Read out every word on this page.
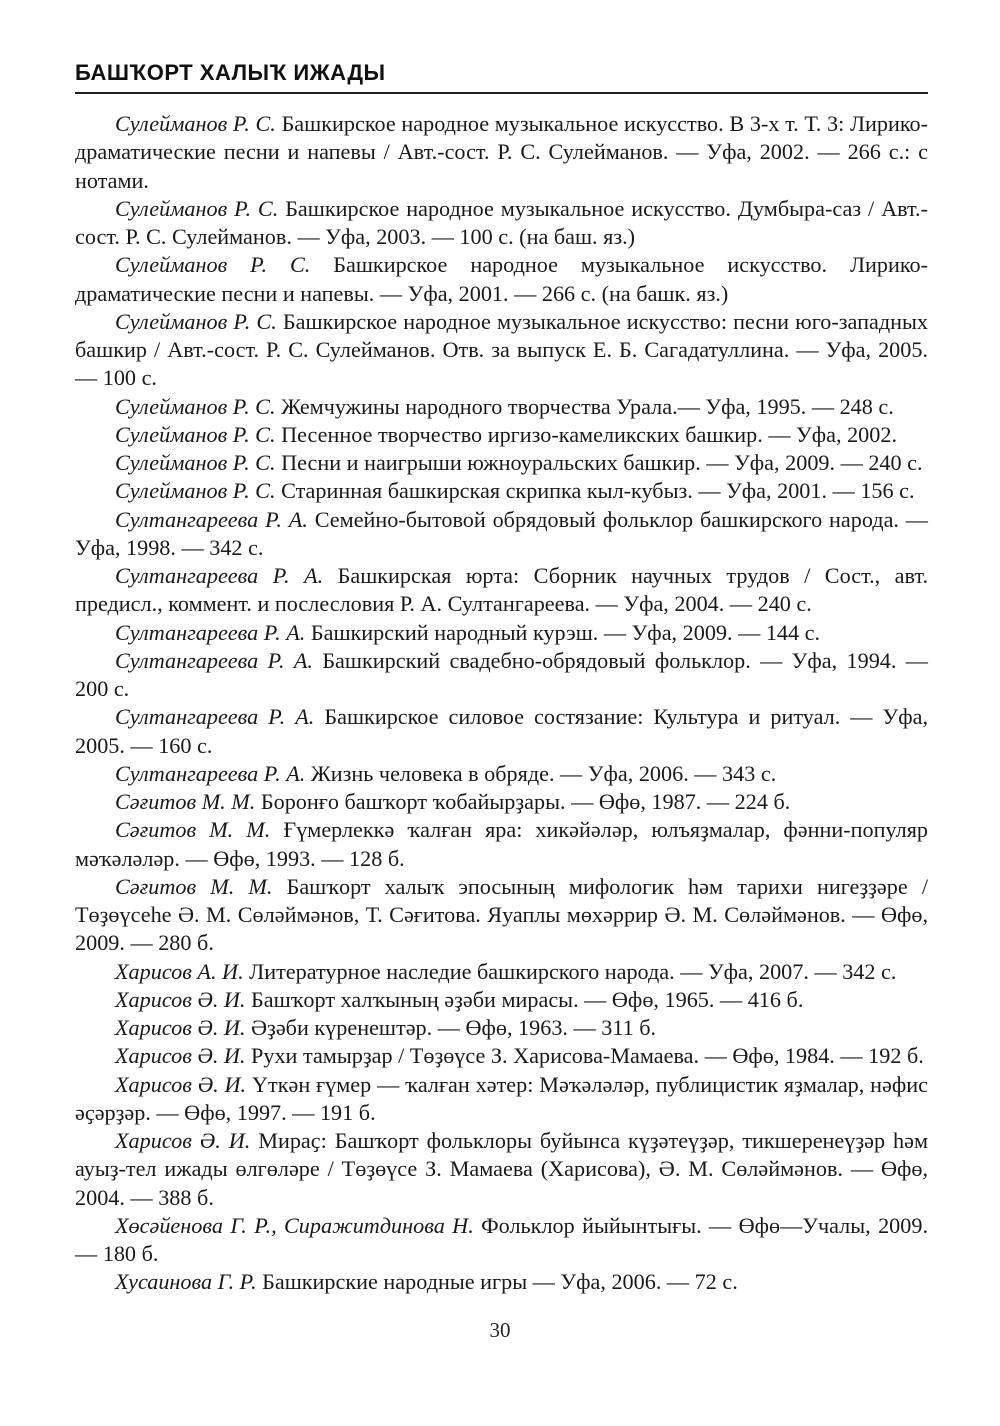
БАШҠОРТ ХАЛЫҠ ИЖАДЫ

Сулейманов Р. С. Башкирское народное музыкальное искусство. В 3-х т. Т. 3: Лирико-драматические песни и напевы / Авт.-сост. Р. С. Сулейманов. — Уфа, 2002. — 266 с.: с нотами.

Сулейманов Р. С. Башкирское народное музыкальное искусство. Думбыра-саз / Авт.-сост. Р. С. Сулейманов. — Уфа, 2003. — 100 с. (на баш. яз.)

Сулейманов Р. С. Башкирское народное музыкальное искусство. Лирико-драматические песни и напевы. — Уфа, 2001. — 266 с. (на башк. яз.)

Сулейманов Р. С. Башкирское народное музыкальное искусство: песни юго-западных башкир / Авт.-сост. Р. С. Сулейманов. Отв. за выпуск Е. Б. Сагадатуллина. — Уфа, 2005. — 100 с.

Сулейманов Р. С. Жемчужины народного творчества Урала.— Уфа, 1995. — 248 с.

Сулейманов Р. С. Песенное творчество иргизо-камеликских башкир. — Уфа, 2002.

Сулейманов Р. С. Песни и наигрыши южноуральских башкир. — Уфа, 2009. — 240 с.

Сулейманов Р. С. Старинная башкирская скрипка кыл-кубыз. — Уфа, 2001. — 156 с.

Султангареева Р. А. Семейно-бытовой обрядовый фольклор башкирского народа. — Уфа, 1998. — 342 с.

Султангареева Р. А. Башкирская юрта: Сборник научных трудов / Сост., авт. предисл., коммент. и послесловия Р. А. Султангареева. — Уфа, 2004. — 240 с.

Султангареева Р. А. Башкирский народный курэш. — Уфа, 2009. — 144 с.

Султангареева Р. А. Башкирский свадебно-обрядовый фольклор. — Уфа, 1994. — 200 с.

Султангареева Р. А. Башкирское силовое состязание: Культура и ритуал. — Уфа, 2005. — 160 с.

Султангареева Р. А. Жизнь человека в обряде. — Уфа, 2006. — 343 с.

Сәғитов М. М. Боронғо башҡорт ҡобайырҙары. — Өфө, 1987. — 224 б.

Сәғитов М. М. Ғүмерлеккә ҡалған яра: хикәйәләр, юлъяҙмалар, фәнни-популяр мәҡәләләр. — Өфө, 1993. — 128 б.

Сәғитов М. М. Башҡорт халыҡ эпосының мифологик һәм тарихи нигеҙҙәре / Төҙөүсеһе Ә. М. Сөләймәнов, Т. Сәғитова. Яуаплы мөхәррир Ә. М. Сөләймәнов. — Өфө, 2009. — 280 б.

Харисов А. И. Литературное наследие башкирского народа. — Уфа, 2007. — 342 с.

Харисов Ә. И. Башҡорт халҡының әҙәби мирасы. — Өфө, 1965. — 416 б.

Харисов Ә. И. Әҙәби күренештәр. — Өфө, 1963. — 311 б.

Харисов Ә. И. Рухи тамырҙар / Төҙөүсе З. Харисова-Мамаева. — Өфө, 1984. — 192 б.

Харисов Ә. И. Үткән ғүмер — ҡалған хәтер: Мәҡәләләр, публицистик яҙмалар, нәфис әҫәрҙәр. — Өфө, 1997. — 191 б.

Харисов Ә. И. Мираҫ: Башҡорт фольклоры буйынса күҙәтеүҙәр, тикшеренеүҙәр һәм ауыҙ-тел ижады өлгөләре / Төҙөүсе З. Мамаева (Харисова), Ә. М. Сөләймәнов. — Өфө, 2004. — 388 б.

Хөсәйенова Г. Р., Сиражитдинова Н. Фольклор йыйынтығы. — Өфө—Учалы, 2009. — 180 б.

Хусаинова Г. Р. Башкирские народные игры — Уфа, 2006. — 72 с.

30
